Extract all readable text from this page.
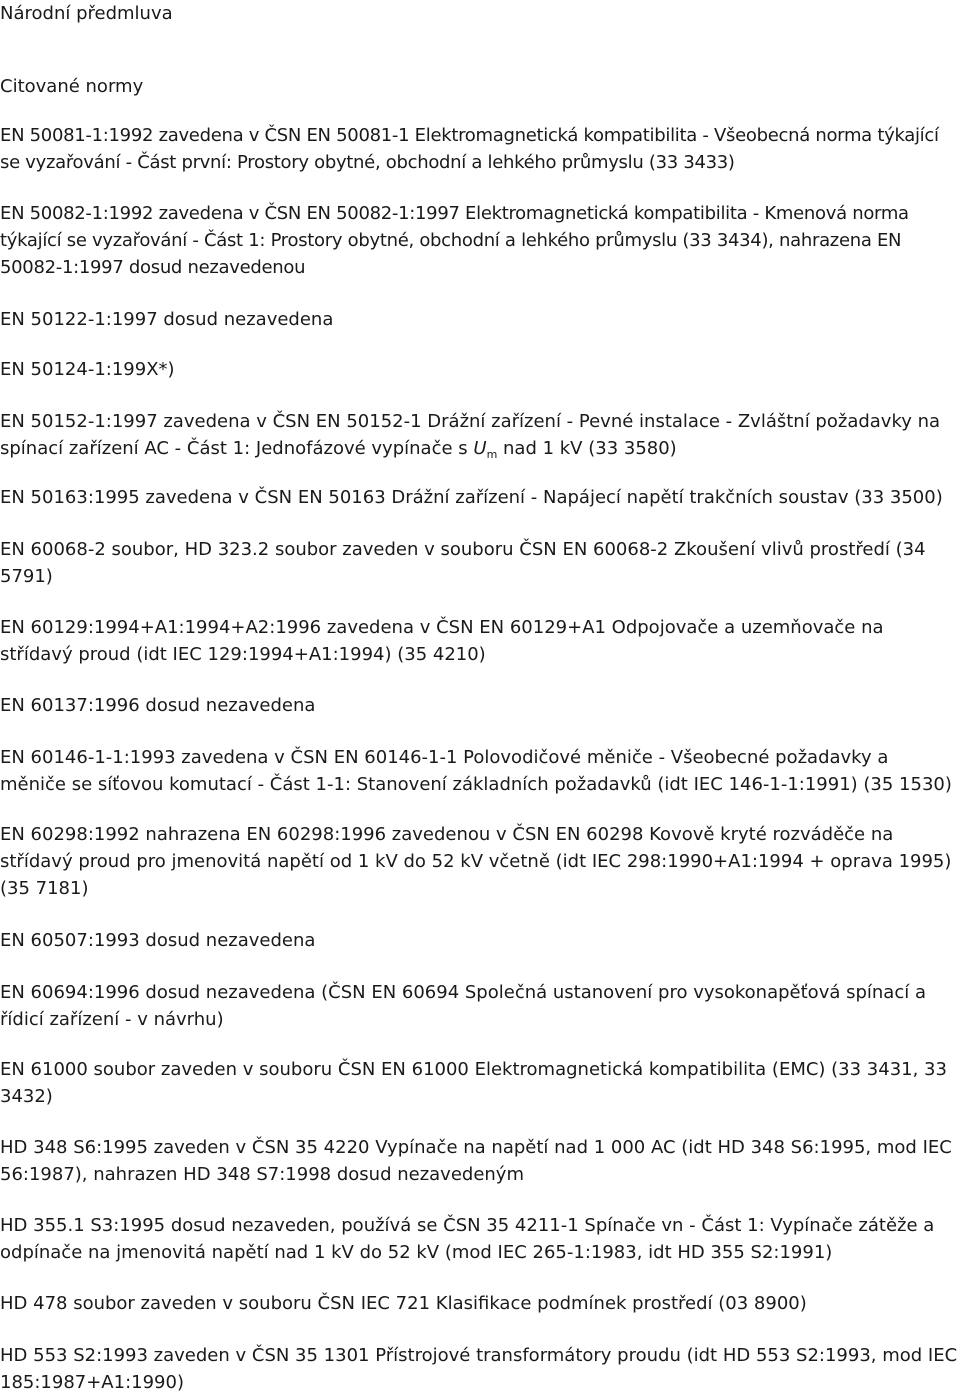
Národní předmluva
Citované normy

EN 50081-1:1992 zavedena v ČSN EN 50081-1 Elektromagnetická kompatibilita - Všeobecná norma týkající se vyzařování - Část první: Prostory obytné, obchodní a lehkého průmyslu (33 3433)

EN 50082-1:1992 zavedena v ČSN EN 50082-1:1997 Elektromagnetická kompatibilita - Kmenová norma týkající se vyzařování - Část 1: Prostory obytné, obchodní a lehkého průmyslu (33 3434), nahrazena EN 50082-1:1997 dosud nezavedenou

EN 50122-1:1997 dosud nezavedena

EN 50124-1:199X*)

EN 50152-1:1997 zavedena v ČSN EN 50152-1 Drážní zařízení - Pevné instalace - Zvláštní požadavky na spínací zařízení AC - Část 1: Jednofázové vypínače s $U_m$ nad 1 kV (33 3580)

EN 50163:1995 zavedena v ČSN EN 50163 Drážní zařízení - Napájecí napětí trakčních soustav (33 3500)

EN 60068-2 soubor, HD 323.2 soubor zaveden v souboru ČSN EN 60068-2 Zkoušení vlivů prostředí (34 5791)

EN 60129:1994+A1:1994+A2:1996 zavedena v ČSN EN 60129+A1 Odpojovače a uzemňovače na střídavý proud (idt IEC 129:1994+A1:1994) (35 4210)

EN 60137:1996 dosud nezavedena

EN 60146-1-1:1993 zavedena v ČSN EN 60146-1-1 Polovodičové měniče - Všeobecné požadavky a měniče se síťovou komutací - Část 1-1: Stanovení základních požadavků (idt IEC 146-1-1:1991) (35 1530)

EN 60298:1992 nahrazena EN 60298:1996 zavedenou v ČSN EN 60298 Kovově kryté rozváděče na střídavý proud pro jmenovitá napětí od 1 kV do 52 kV včetně (idt IEC 298:1990+A1:1994 + oprava 1995) (35 7181)

EN 60507:1993 dosud nezavedena

EN 60694:1996 dosud nezavedena (ČSN EN 60694 Společná ustanovení pro vysokonapěťová spínací a řídicí zařízení - v návrhu)

EN 61000 soubor zaveden v souboru ČSN EN 61000 Elektromagnetická kompatibilita (EMC) (33 3431, 33 3432)

HD 348 S6:1995 zaveden v ČSN 35 4220 Vypínače na napětí nad 1 000 AC (idt HD 348 S6:1995, mod IEC 56:1987), nahrazen HD 348 S7:1998 dosud nezavedeným

HD 355.1 S3:1995 dosud nezaveden, používá se ČSN 35 4211-1 Spínače vn - Část 1: Vypínače zátěže a odpínače na jmenovitá napětí nad 1 kV do 52 kV (mod IEC 265-1:1983, idt HD 355 S2:1991)

HD 478 soubor zaveden v souboru ČSN IEC 721 Klasifikace podmínek prostředí (03 8900)

HD 553 S2:1993 zaveden v ČSN 35 1301 Přístrojové transformátory proudu (idt HD 553 S2:1993, mod IEC 185:1987+A1:1990)
